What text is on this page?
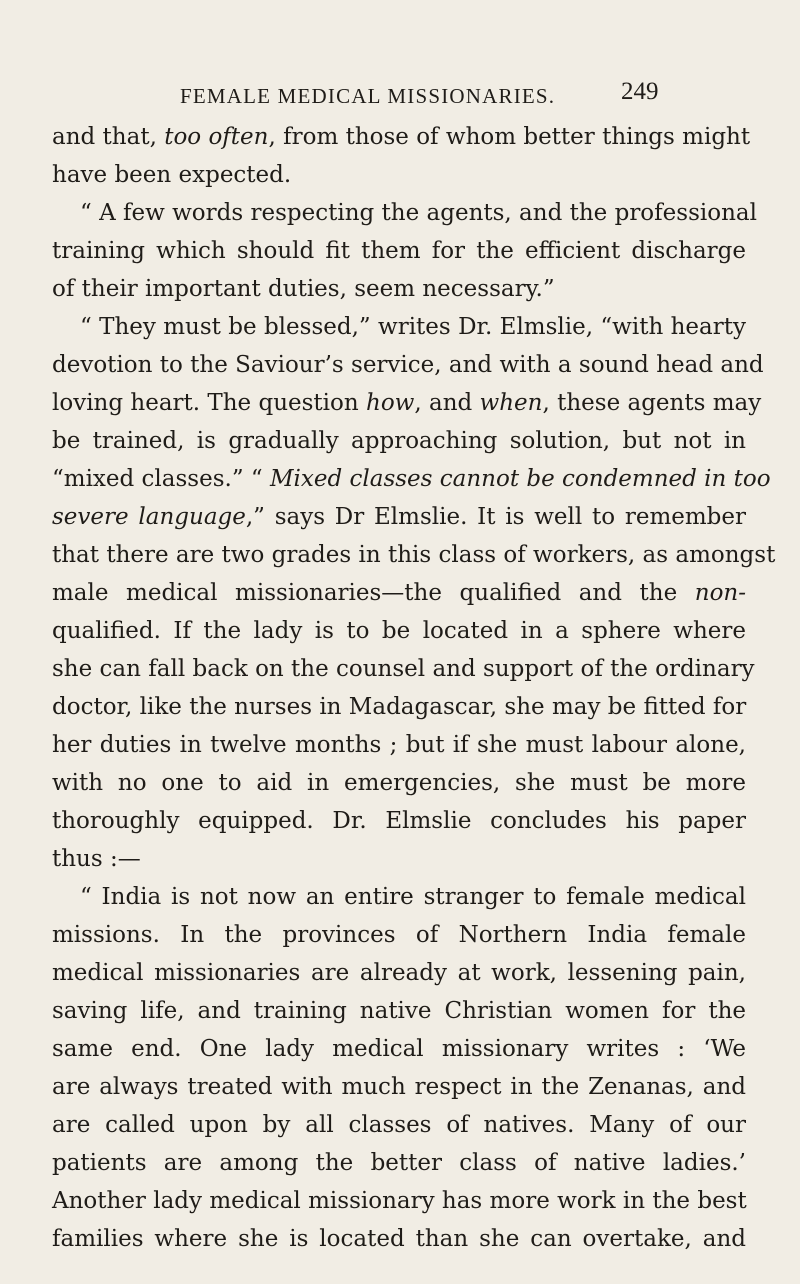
FEMALE MEDICAL MISSIONARIES.	249
and that, too often, from those of whom better things might
have been expected.
“ A few words respecting the agents, and the professional
training which should fit them for the efficient discharge
of their important duties, seem necessary.”
“ They must be blessed,” writes Dr. Elmslie, “with hearty
devotion to the Saviour’s service, and with a sound head and
loving heart. The question how, and when, these agents may
be trained, is gradually approaching solution, but not in
“mixed classes.” “ Mixed classes cannot be condemned in too
severe language,” says Dr Elmslie. It is well to remember
that there are two grades in this class of workers, as amongst
male medical missionaries—the qualified and the non-
qualified. If the lady is to be located in a sphere where
she can fall back on the counsel and support of the ordinary
doctor, like the nurses in Madagascar, she may be fitted for
her duties in twelve months ; but if she must labour alone,
with no one to aid in emergencies, she must be more
thoroughly equipped. Dr. Elmslie concludes his paper
thus :—
“ India is not now an entire stranger to female medical
missions. In the provinces of Northern India female
medical missionaries are already at work, lessening pain,
saving life, and training native Christian women for the
same end. One lady medical missionary writes : ‘We
are always treated with much respect in the Zenanas, and
are called upon by all classes of natives. Many of our
patients are among the better class of native ladies.’
Another lady medical missionary has more work in the best
families where she is located than she can overtake, and
